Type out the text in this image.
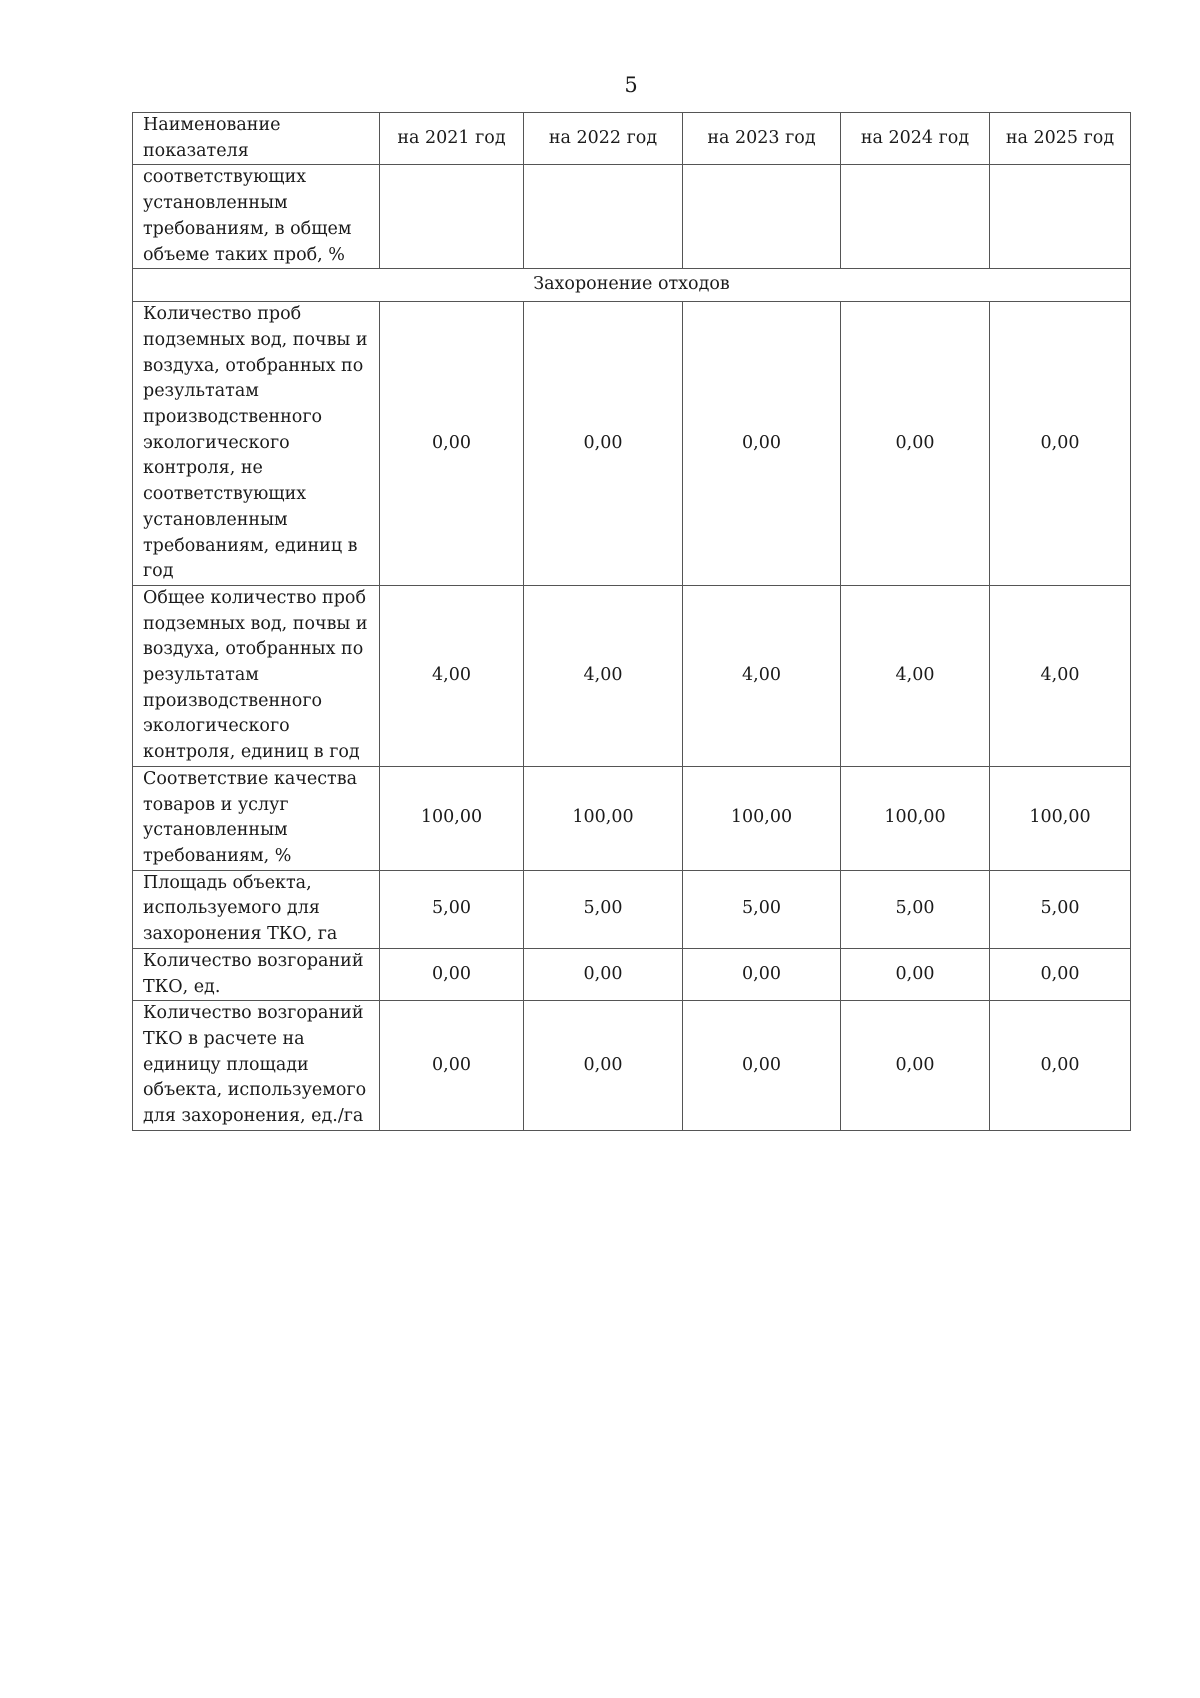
5
Наименование показателя	на 2021 год	на 2022 год	на 2023 год	на 2024 год	на 2025 год
соответствующих установленным требованиям, в общем объеме таких проб, %					
Захоронение отходов					
Количество проб подземных вод, почвы и воздуха, отобранных по результатам производственного экологического контроля, не соответствующих установленным требованиям, единиц в год	0,00	0,00	0,00	0,00	0,00
Общее количество проб подземных вод, почвы и воздуха, отобранных по результатам производственного экологического контроля, единиц в год	4,00	4,00	4,00	4,00	4,00
Соответствие качества товаров и услуг установленным требованиям, %	100,00	100,00	100,00	100,00	100,00
Площадь объекта, используемого для захоронения ТКО, га	5,00	5,00	5,00	5,00	5,00
Количество возгораний ТКО, ед.	0,00	0,00	0,00	0,00	0,00
Количество возгораний ТКО в расчете на единицу площади объекта, используемого для захоронения, ед./га	0,00	0,00	0,00	0,00	0,00
